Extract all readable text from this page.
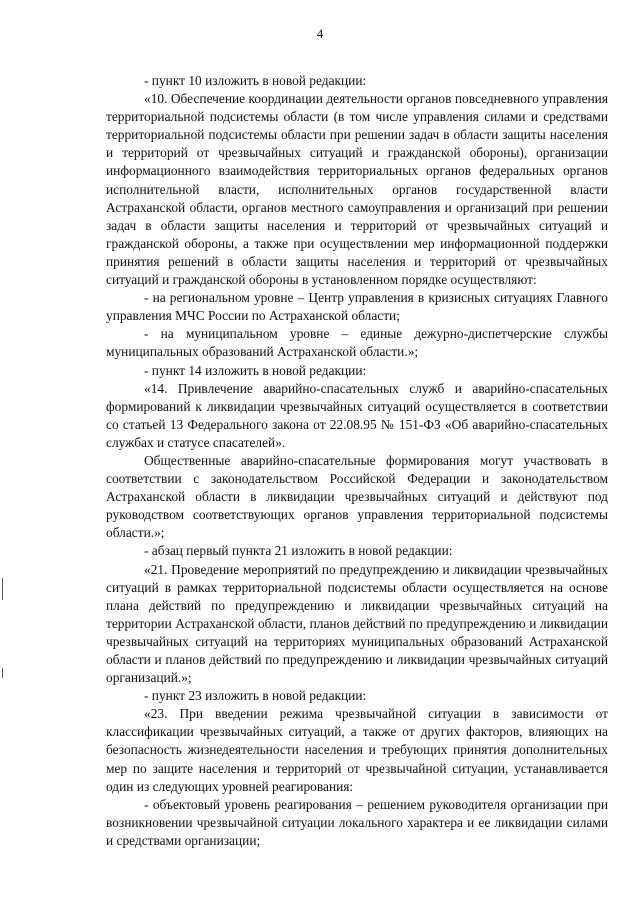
4

- пункт 10 изложить в новой редакции:

«10. Обеспечение координации деятельности органов повседневного управления территориальной подсистемы области (в том числе управления силами и средствами территориальной подсистемы области при решении задач в области защиты населения и территорий от чрезвычайных ситуаций и гражданской обороны), организации информационного взаимодействия территориальных органов федеральных органов исполнительной власти, исполнительных органов государственной власти Астраханской области, органов местного самоуправления и организаций при решении задач в области защиты населения и территорий от чрезвычайных ситуаций и гражданской обороны, а также при осуществлении мер информационной поддержки принятия решений в области защиты населения и территорий от чрезвычайных ситуаций и гражданской обороны в установленном порядке осуществляют:

- на региональном уровне – Центр управления в кризисных ситуациях Главного управления МЧС России по Астраханской области;

- на муниципальном уровне – единые дежурно-диспетчерские службы муниципальных образований Астраханской области.»;

- пункт 14 изложить в новой редакции:

«14. Привлечение аварийно-спасательных служб и аварийно-спасательных формирований к ликвидации чрезвычайных ситуаций осуществляется в соответствии со статьей 13 Федерального закона от 22.08.95 № 151-ФЗ «Об аварийно-спасательных службах и статусе спасателей».

Общественные аварийно-спасательные формирования могут участвовать в соответствии с законодательством Российской Федерации и законодательством Астраханской области в ликвидации чрезвычайных ситуаций и действуют под руководством соответствующих органов управления территориальной подсистемы области.»;

- абзац первый пункта 21 изложить в новой редакции:

«21. Проведение мероприятий по предупреждению и ликвидации чрезвычайных ситуаций в рамках территориальной подсистемы области осуществляется на основе плана действий по предупреждению и ликвидации чрезвычайных ситуаций на территории Астраханской области, планов действий по предупреждению и ликвидации чрезвычайных ситуаций на территориях муниципальных образований Астраханской области и планов действий по предупреждению и ликвидации чрезвычайных ситуаций организаций.»;

- пункт 23 изложить в новой редакции:

«23. При введении режима чрезвычайной ситуации в зависимости от классификации чрезвычайных ситуаций, а также от других факторов, влияющих на безопасность жизнедеятельности населения и требующих принятия дополнительных мер по защите населения и территорий от чрезвычайной ситуации, устанавливается один из следующих уровней реагирования:

- объектовый уровень реагирования – решением руководителя организации при возникновении чрезвычайной ситуации локального характера и ее ликвидации силами и средствами организации;
